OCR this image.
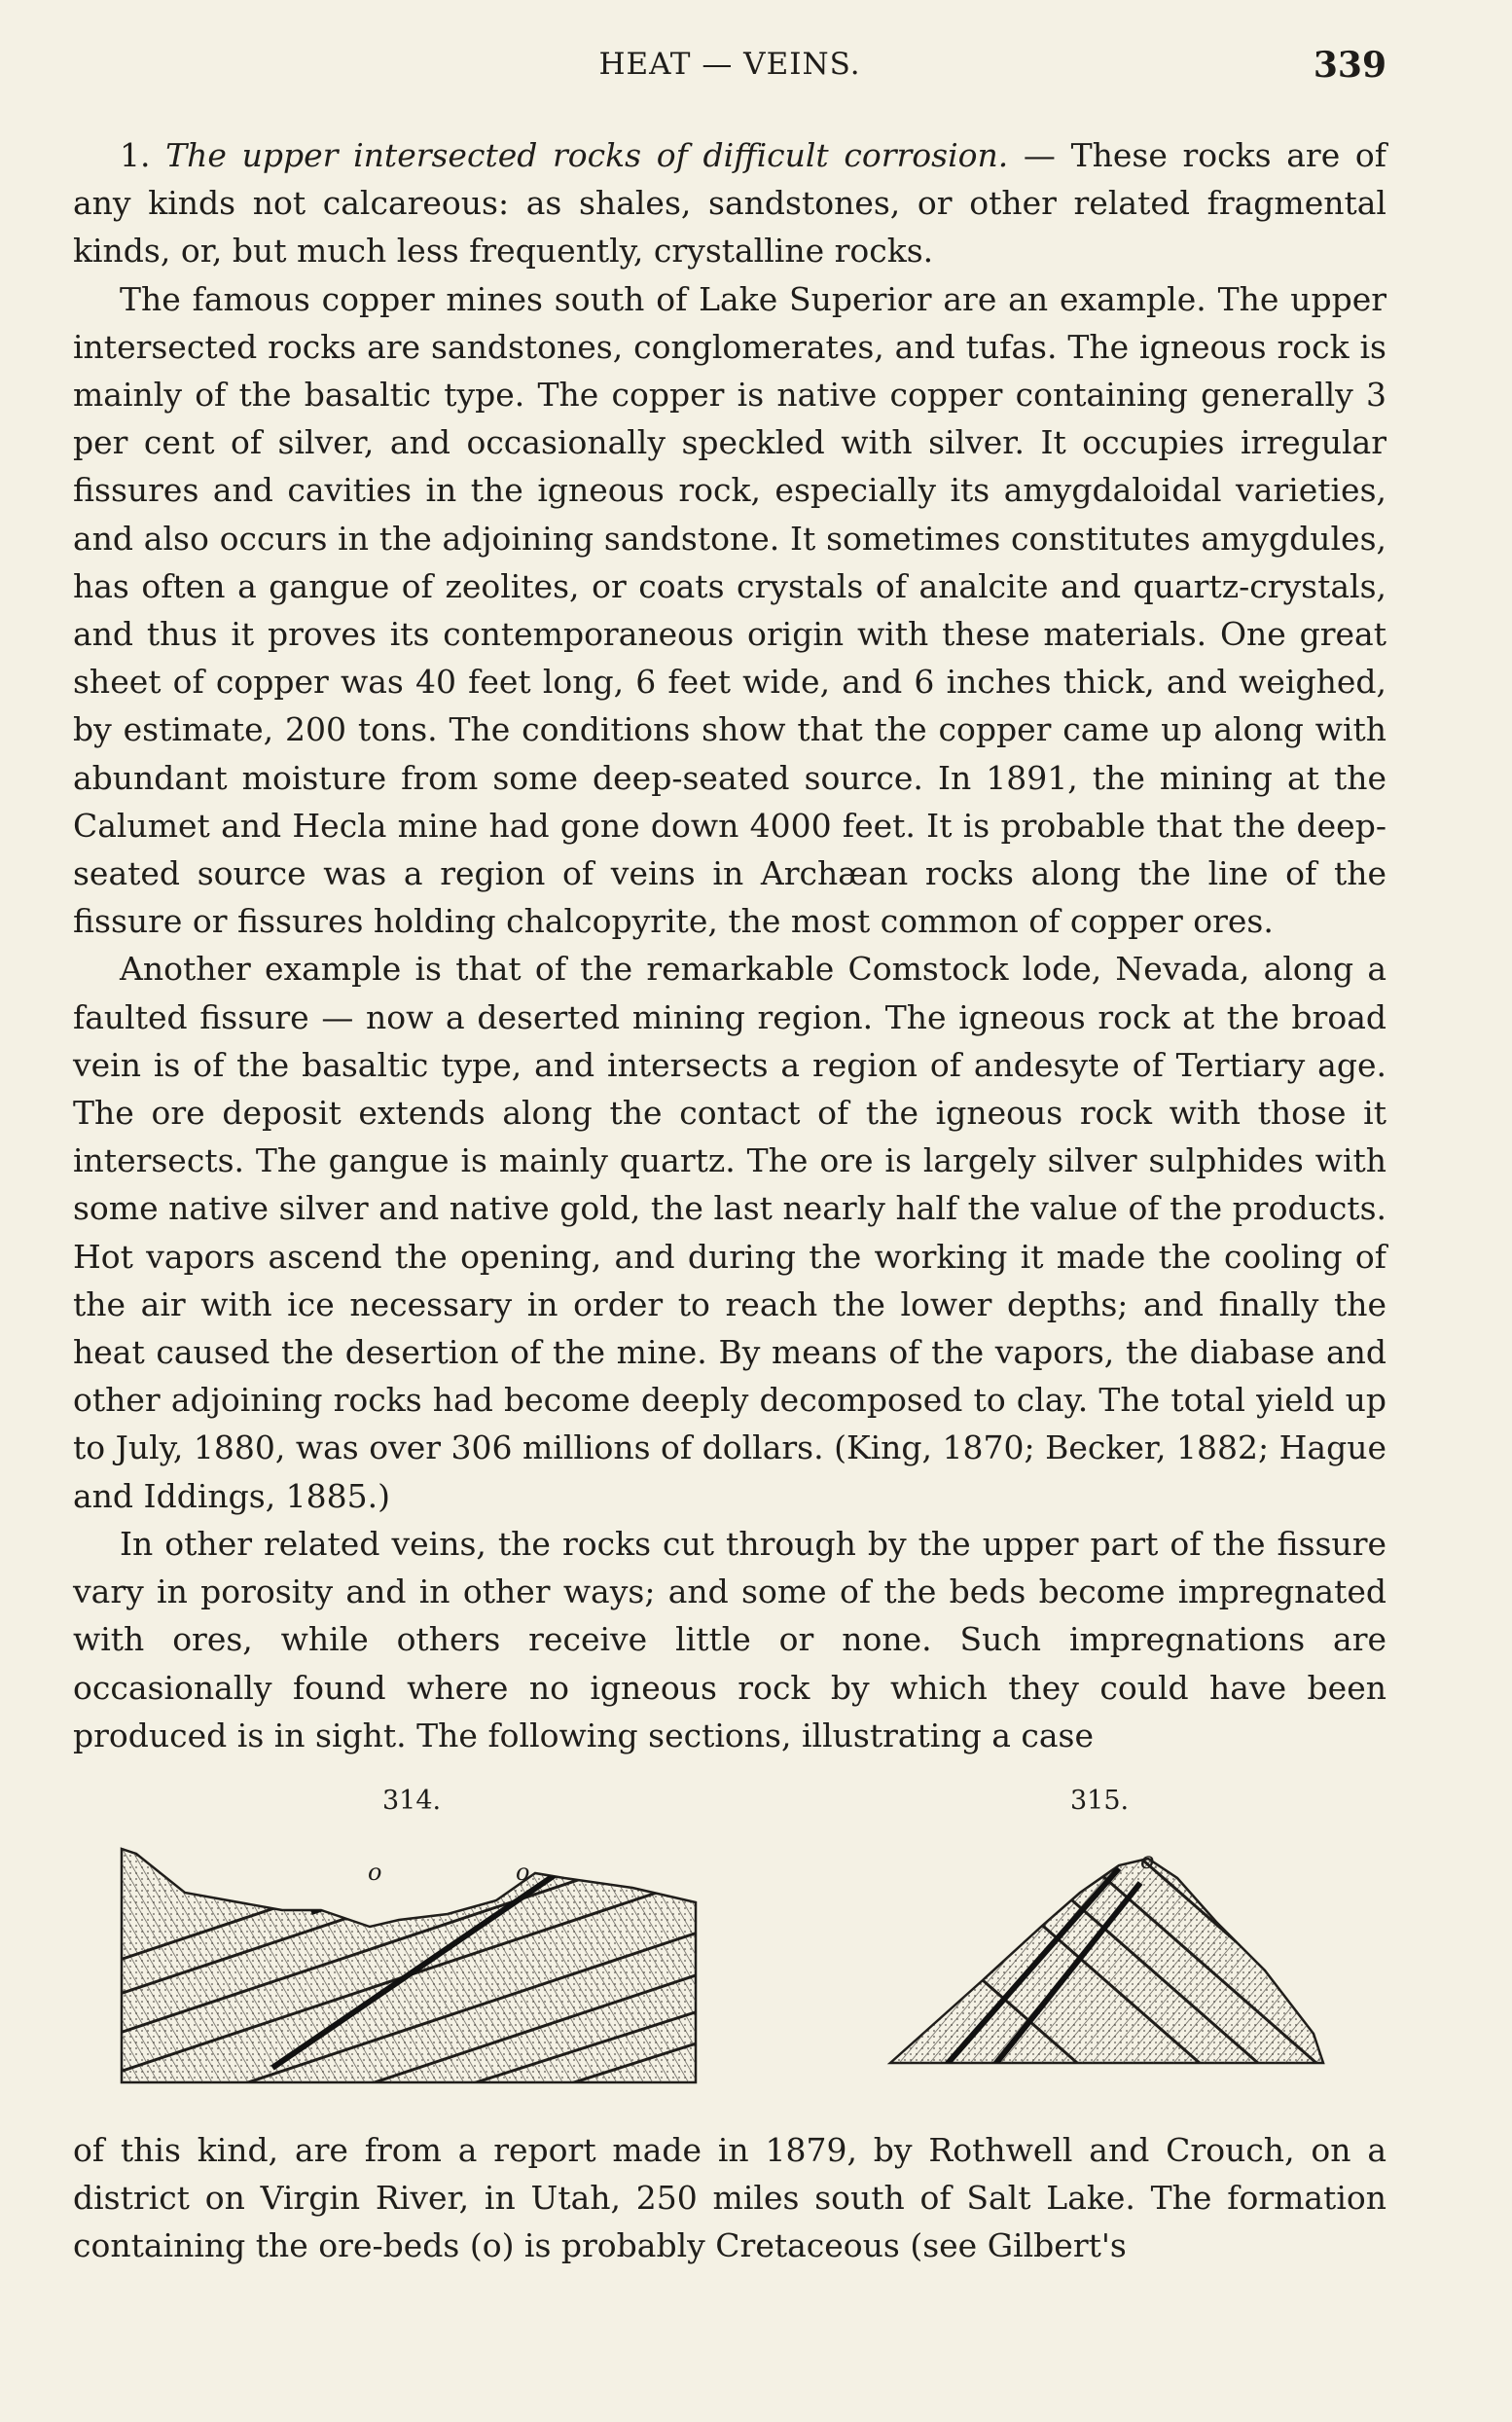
HEAT — VEINS.	339

1. The upper intersected rocks of difficult corrosion. — These rocks are of any kinds not calcareous: as shales, sandstones, or other related fragmental kinds, or, but much less frequently, crystalline rocks.

The famous copper mines south of Lake Superior are an example. The upper intersected rocks are sandstones, conglomerates, and tufas. The igneous rock is mainly of the basaltic type. The copper is native copper containing generally 3 per cent of silver, and occasionally speckled with silver. It occupies irregular fissures and cavities in the igneous rock, especially its amygdaloidal varieties, and also occurs in the adjoining sandstone. It sometimes constitutes amygdules, has often a gangue of zeolites, or coats crystals of analcite and quartz-crystals, and thus it proves its contemporaneous origin with these materials. One great sheet of copper was 40 feet long, 6 feet wide, and 6 inches thick, and weighed, by estimate, 200 tons. The conditions show that the copper came up along with abundant moisture from some deep-seated source. In 1891, the mining at the Calumet and Hecla mine had gone down 4000 feet. It is probable that the deep-seated source was a region of veins in Archæan rocks along the line of the fissure or fissures holding chalcopyrite, the most common of copper ores.

Another example is that of the remarkable Comstock lode, Nevada, along a faulted fissure — now a deserted mining region. The igneous rock at the broad vein is of the basaltic type, and intersects a region of andesyte of Tertiary age. The ore deposit extends along the contact of the igneous rock with those it intersects. The gangue is mainly quartz. The ore is largely silver sulphides with some native silver and native gold, the last nearly half the value of the products. Hot vapors ascend the opening, and during the working it made the cooling of the air with ice necessary in order to reach the lower depths; and finally the heat caused the desertion of the mine. By means of the vapors, the diabase and other adjoining rocks had become deeply decomposed to clay. The total yield up to July, 1880, was over 306 millions of dollars. (King, 1870; Becker, 1882; Hague and Iddings, 1885.)

In other related veins, the rocks cut through by the upper part of the fissure vary in porosity and in other ways; and some of the beds become impregnated with ores, while others receive little or none. Such impregnations are occasionally found where no igneous rock by which they could have been produced is in sight. The following sections, illustrating a case

314.	315.
o	o	o

of this kind, are from a report made in 1879, by Rothwell and Crouch, on a district on Virgin River, in Utah, 250 miles south of Salt Lake. The formation containing the ore-beds (o) is probably Cretaceous (see Gilbert's
